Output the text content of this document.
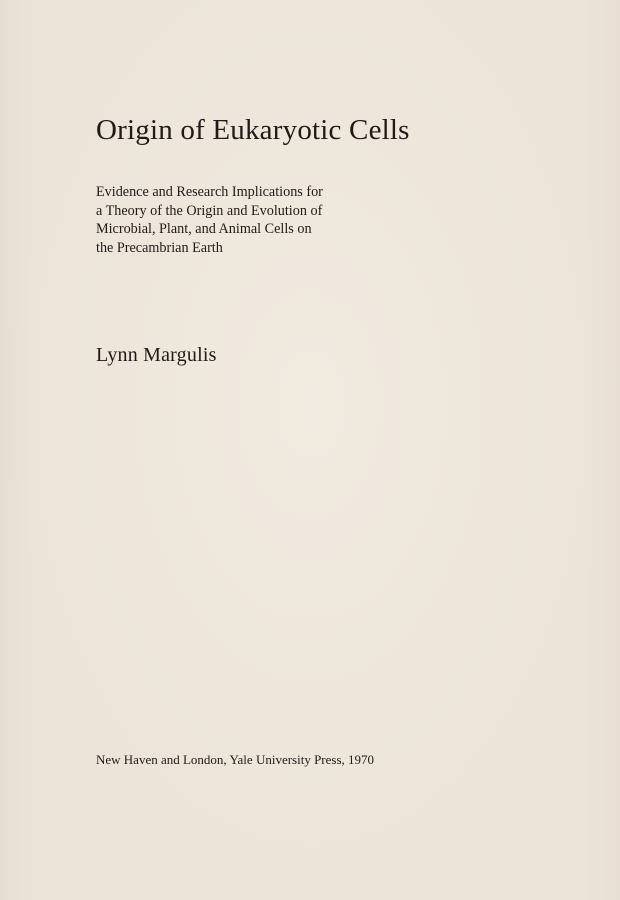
Origin of Eukaryotic Cells
Evidence and Research Implications for
a Theory of the Origin and Evolution of
Microbial, Plant, and Animal Cells on
the Precambrian Earth

Lynn Margulis

New Haven and London, Yale University Press, 1970
